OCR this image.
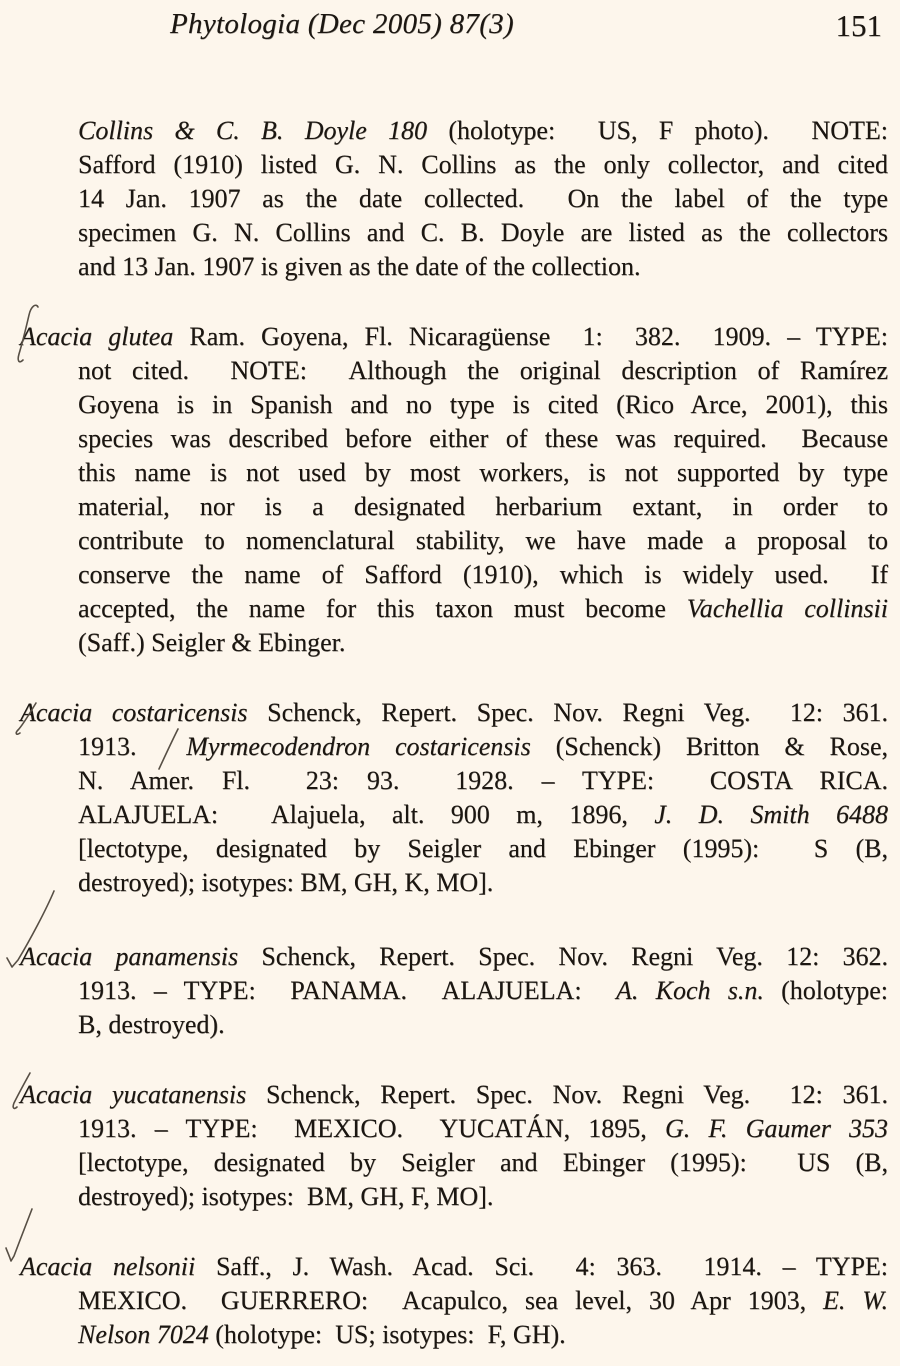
Phytologia (Dec 2005) 87(3)	151
Collins & C. B. Doyle 180 (holotype:  US, F photo).  NOTE:
Safford (1910) listed G. N. Collins as the only collector, and cited
14 Jan. 1907 as the date collected.  On the label of the type
specimen G. N. Collins and C. B. Doyle are listed as the collectors
and 13 Jan. 1907 is given as the date of the collection.
Acacia glutea Ram. Goyena, Fl. Nicaragüense  1:  382.  1909. – TYPE:
not cited.  NOTE:  Although the original description of Ramírez
Goyena is in Spanish and no type is cited (Rico Arce, 2001), this
species was described before either of these was required.  Because
this name is not used by most workers, is not supported by type
material, nor is a designated herbarium extant, in order to
contribute to nomenclatural stability, we have made a proposal to
conserve the name of Safford (1910), which is widely used.  If
accepted, the name for this taxon must become Vachellia collinsii
(Saff.) Seigler & Ebinger.
Acacia costaricensis Schenck, Repert. Spec. Nov. Regni Veg.  12: 361.
1913.  Myrmecodendron costaricensis (Schenck) Britton & Rose,
N. Amer. Fl.  23: 93.  1928. – TYPE:  COSTA RICA.
ALAJUELA:  Alajuela, alt. 900 m, 1896, J. D. Smith 6488
[lectotype, designated by Seigler and Ebinger (1995):  S (B,
destroyed); isotypes: BM, GH, K, MO].
Acacia panamensis Schenck, Repert. Spec. Nov. Regni Veg. 12: 362.
1913. – TYPE:  PANAMA.  ALAJUELA:  A. Koch s.n. (holotype:
B, destroyed).
Acacia yucatanensis Schenck, Repert. Spec. Nov. Regni Veg.  12: 361.
1913. – TYPE:  MEXICO.  YUCATÁN, 1895, G. F. Gaumer 353
[lectotype, designated by Seigler and Ebinger (1995):  US (B,
destroyed); isotypes:  BM, GH, F, MO].
Acacia nelsonii Saff., J. Wash. Acad. Sci.  4: 363.  1914. – TYPE:
MEXICO.  GUERRERO:  Acapulco, sea level, 30 Apr 1903, E. W.
Nelson 7024 (holotype:  US; isotypes:  F, GH).
